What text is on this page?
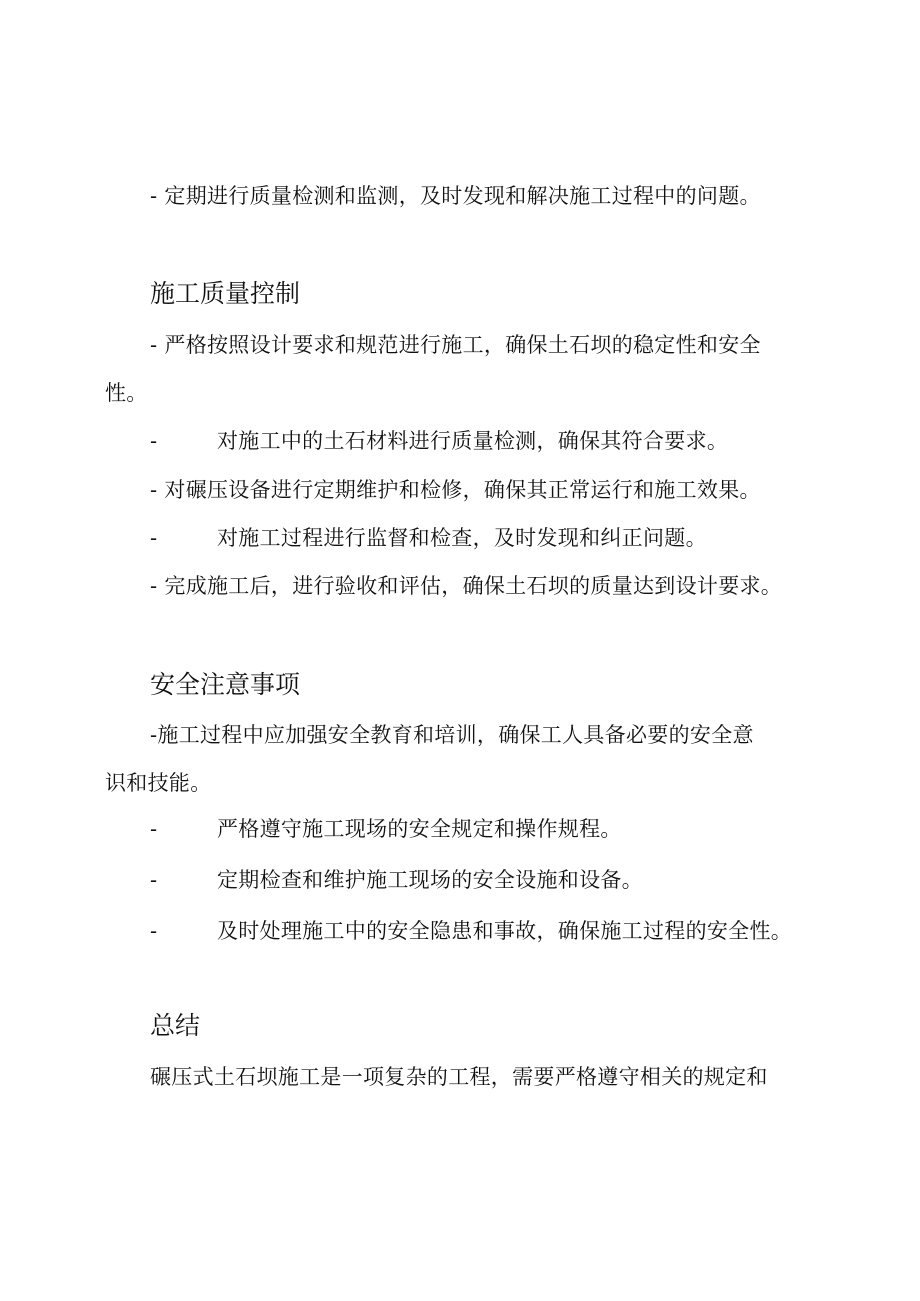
- 定期进行质量检测和监测，及时发现和解决施工过程中的问题。
施工质量控制
- 严格按照设计要求和规范进行施工，确保土石坝的稳定性和安全
性。
-	对施工中的土石材料进行质量检测，确保其符合要求。
- 对碾压设备进行定期维护和检修，确保其正常运行和施工效果。
-	对施工过程进行监督和检查，及时发现和纠正问题。
- 完成施工后，进行验收和评估，确保土石坝的质量达到设计要求。
安全注意事项
-施工过程中应加强安全教育和培训，确保工人具备必要的安全意
识和技能。
-	严格遵守施工现场的安全规定和操作规程。
-	定期检查和维护施工现场的安全设施和设备。
-	及时处理施工中的安全隐患和事故，确保施工过程的安全性。
总结
碾压式土石坝施工是一项复杂的工程，需要严格遵守相关的规定和
